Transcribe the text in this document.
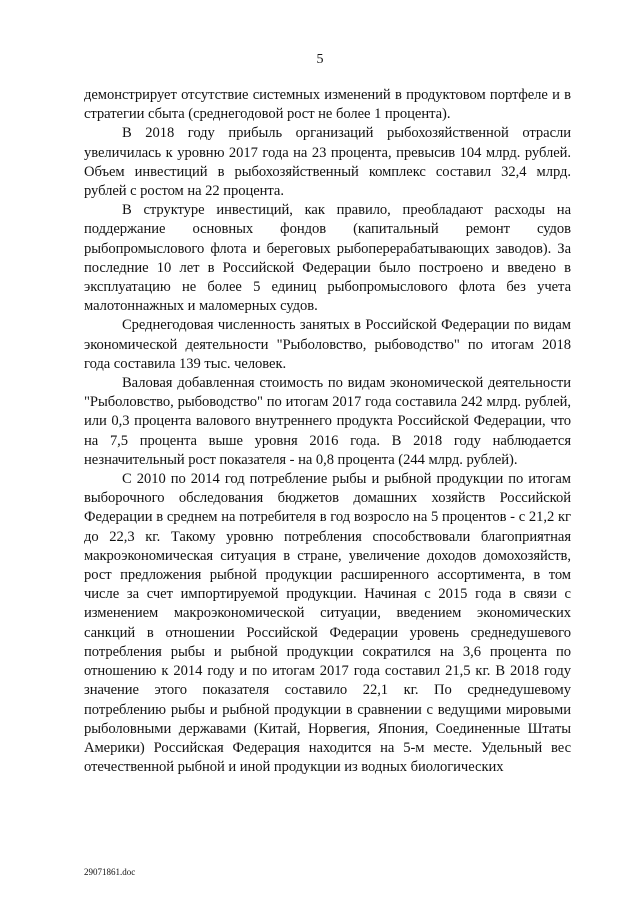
5

демонстрирует отсутствие системных изменений в продуктовом портфеле и в стратегии сбыта (среднегодовой рост не более 1 процента).

В 2018 году прибыль организаций рыбохозяйственной отрасли увеличилась к уровню 2017 года на 23 процента, превысив 104 млрд. рублей. Объем инвестиций в рыбохозяйственный комплекс составил 32,4 млрд. рублей с ростом на 22 процента.

В структуре инвестиций, как правило, преобладают расходы на поддержание основных фондов (капитальный ремонт судов рыбопромыслового флота и береговых рыбоперерабатывающих заводов). За последние 10 лет в Российской Федерации было построено и введено в эксплуатацию не более 5 единиц рыбопромыслового флота без учета малотоннажных и маломерных судов.

Среднегодовая численность занятых в Российской Федерации по видам экономической деятельности "Рыболовство, рыбоводство" по итогам 2018 года составила 139 тыс. человек.

Валовая добавленная стоимость по видам экономической деятельности "Рыболовство, рыбоводство" по итогам 2017 года составила 242 млрд. рублей, или 0,3 процента валового внутреннего продукта Российской Федерации, что на 7,5 процента выше уровня 2016 года. В 2018 году наблюдается незначительный рост показателя - на 0,8 процента (244 млрд. рублей).

С 2010 по 2014 год потребление рыбы и рыбной продукции по итогам выборочного обследования бюджетов домашних хозяйств Российской Федерации в среднем на потребителя в год возросло на 5 процентов - с 21,2 кг до 22,3 кг. Такому уровню потребления способствовали благоприятная макроэкономическая ситуация в стране, увеличение доходов домохозяйств, рост предложения рыбной продукции расширенного ассортимента, в том числе за счет импортируемой продукции. Начиная с 2015 года в связи с изменением макроэкономической ситуации, введением экономических санкций в отношении Российской Федерации уровень среднедушевого потребления рыбы и рыбной продукции сократился на 3,6 процента по отношению к 2014 году и по итогам 2017 года составил 21,5 кг. В 2018 году значение этого показателя составило 22,1 кг. По среднедушевому потреблению рыбы и рыбной продукции в сравнении с ведущими мировыми рыболовными державами (Китай, Норвегия, Япония, Соединенные Штаты Америки) Российская Федерация находится на 5-м месте. Удельный вес отечественной рыбной и иной продукции из водных биологических

29071861.doc
